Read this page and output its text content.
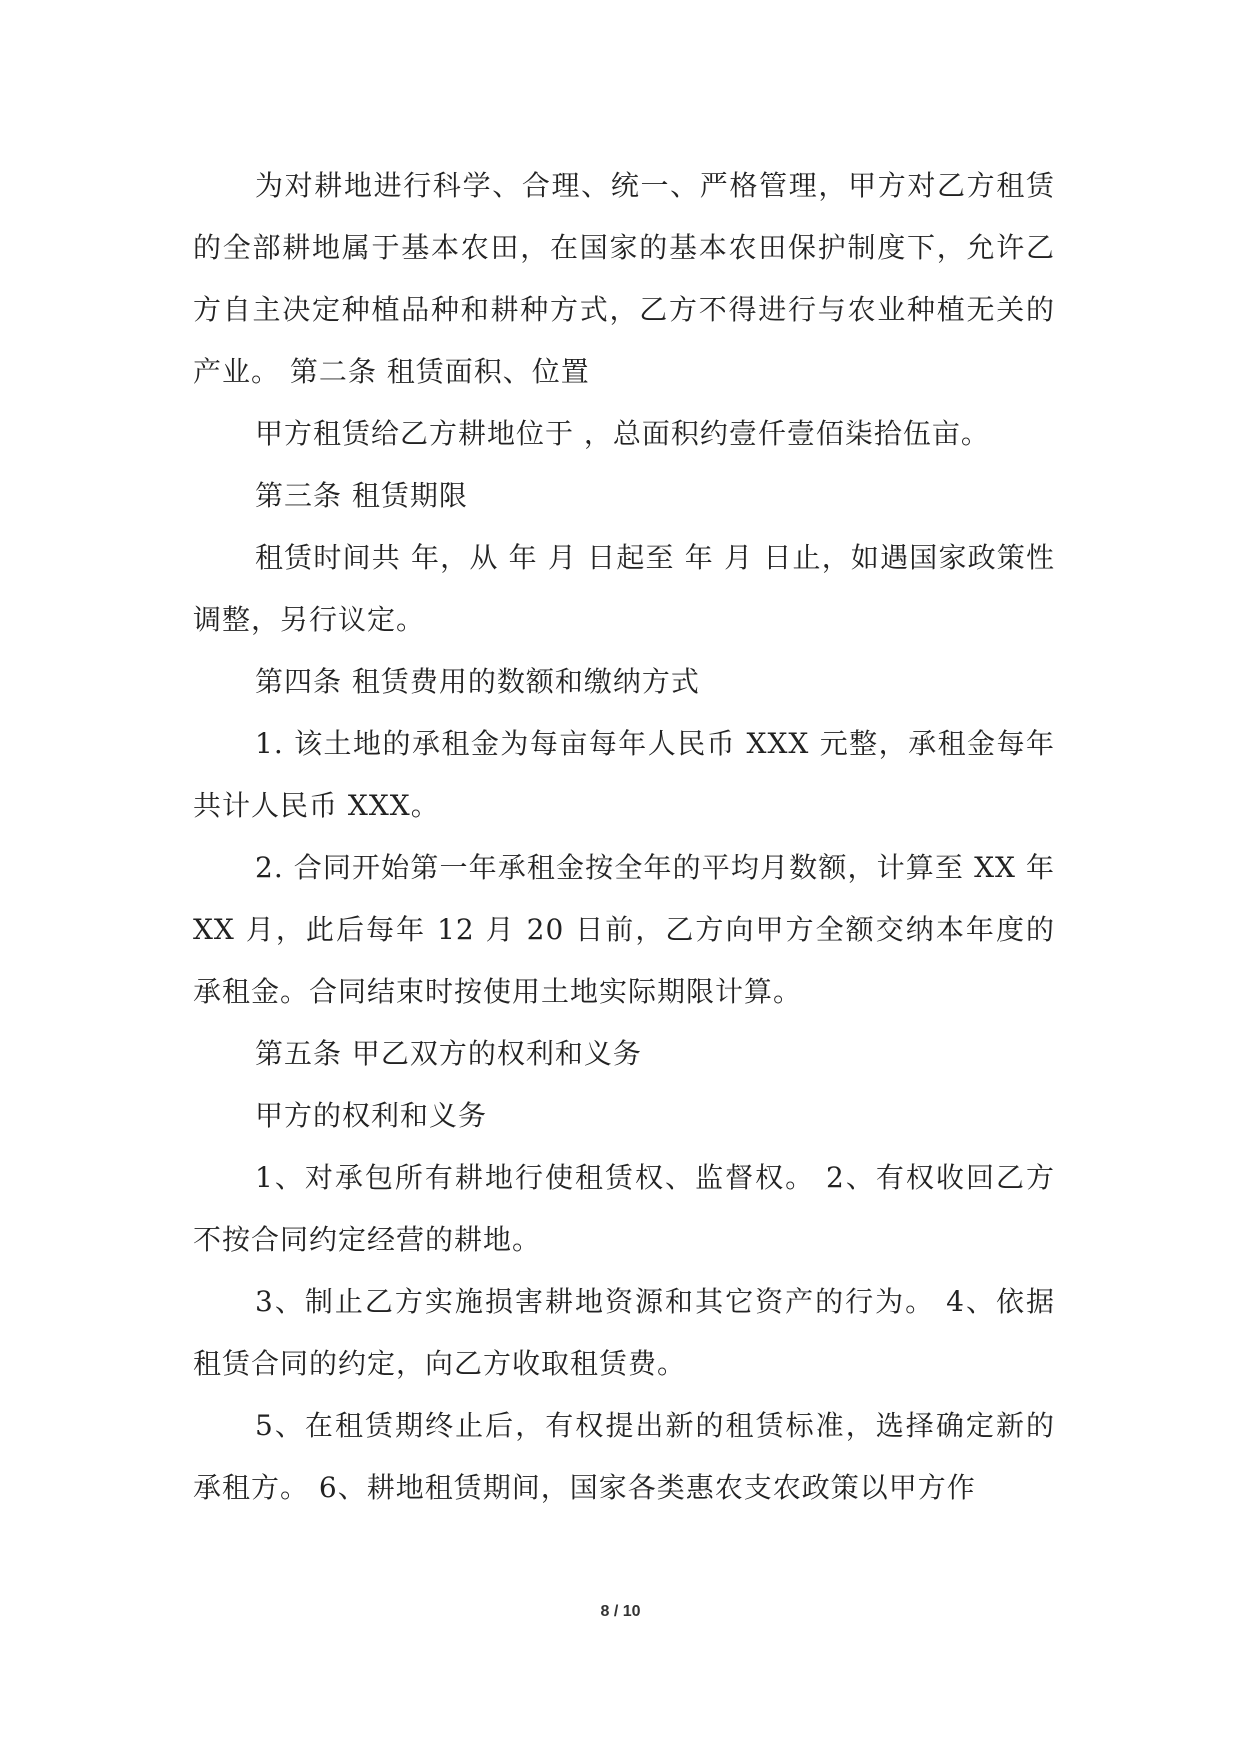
为对耕地进行科学、合理、统一、严格管理，甲方对乙方租赁的全部耕地属于基本农田，在国家的基本农田保护制度下，允许乙方自主决定种植品种和耕种方式，乙方不得进行与农业种植无关的产业。 第二条 租赁面积、位置

甲方租赁给乙方耕地位于 ，总面积约壹仟壹佰柒拾伍亩。

第三条 租赁期限

租赁时间共 年，从 年 月 日起至 年 月 日止，如遇国家政策性调整，另行议定。

第四条 租赁费用的数额和缴纳方式

1. 该土地的承租金为每亩每年人民币 XXX 元整，承租金每年共计人民币 XXX。

2. 合同开始第一年承租金按全年的平均月数额，计算至 XX 年 XX 月，此后每年 12 月 20 日前，乙方向甲方全额交纳本年度的承租金。合同结束时按使用土地实际期限计算。

第五条 甲乙双方的权利和义务

甲方的权利和义务

1、对承包所有耕地行使租赁权、监督权。 2、有权收回乙方不按合同约定经营的耕地。

3、制止乙方实施损害耕地资源和其它资产的行为。 4、依据租赁合同的约定，向乙方收取租赁费。

5、在租赁期终止后，有权提出新的租赁标准，选择确定新的承租方。 6、耕地租赁期间，国家各类惠农支农政策以甲方作

8 / 10
